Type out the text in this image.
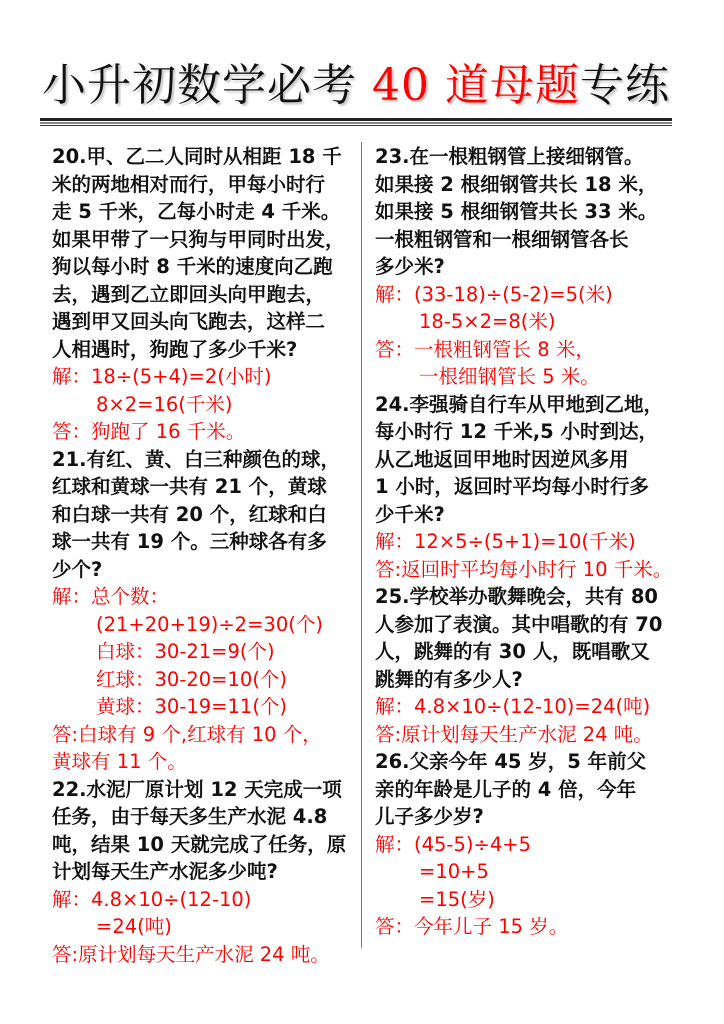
小升初数学必考 40 道母题专练
20.甲、乙二人同时从相距 18 千
米的两地相对而行，甲每小时行
走 5 千米，乙每小时走 4 千米。
如果甲带了一只狗与甲同时出发，
狗以每小时 8 千米的速度向乙跑
去，遇到乙立即回头向甲跑去，
遇到甲又回头向飞跑去，这样二
人相遇时，狗跑了多少千米?
解：18÷(5+4)=2(小时)
8×2=16(千米)
答：狗跑了 16 千米。
21.有红、黄、白三种颜色的球，
红球和黄球一共有 21 个，黄球
和白球一共有 20 个，红球和白
球一共有 19 个。三种球各有多
少个?
解：总个数：
(21+20+19)÷2=30(个)
白球：30-21=9(个)
红球：30-20=10(个)
黄球：30-19=11(个)
答:白球有 9 个,红球有 10 个，
黄球有 11 个。
22.水泥厂原计划 12 天完成一项
任务，由于每天多生产水泥 4.8
吨，结果 10 天就完成了任务，原
计划每天生产水泥多少吨?
解：4.8×10÷(12-10)
=24(吨)
答:原计划每天生产水泥 24 吨。
23.在一根粗钢管上接细钢管。
如果接 2 根细钢管共长 18 米，
如果接 5 根细钢管共长 33 米。
一根粗钢管和一根细钢管各长
多少米?
解：(33-18)÷(5-2)=5(米)
18-5×2=8(米)
答：一根粗钢管长 8 米，
一根细钢管长 5 米。
24.李强骑自行车从甲地到乙地，
每小时行 12 千米,5 小时到达，
从乙地返回甲地时因逆风多用
1 小时，返回时平均每小时行多
少千米?
解：12×5÷(5+1)=10(千米)
答:返回时平均每小时行 10 千米。
25.学校举办歌舞晚会，共有 80
人参加了表演。其中唱歌的有 70
人，跳舞的有 30 人，既唱歌又
跳舞的有多少人?
解：4.8×10÷(12-10)=24(吨)
答:原计划每天生产水泥 24 吨。
26.父亲今年 45 岁，5 年前父
亲的年龄是儿子的 4 倍，今年
儿子多少岁?
解：(45-5)÷4+5
=10+5
=15(岁)
答：今年儿子 15 岁。
